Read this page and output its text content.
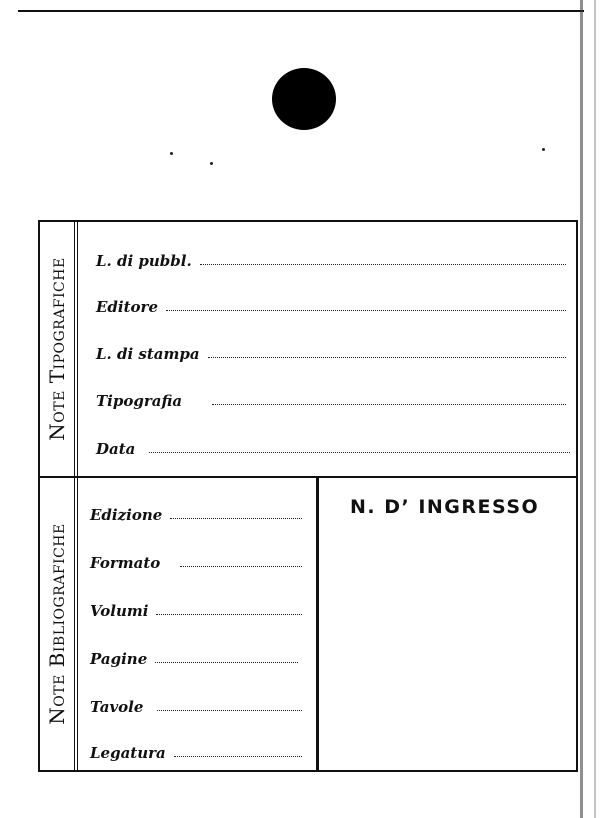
Note Tipografiche L. di pubbl.
Editore
L. di stampa
Tipografia
Data
Note Bibliografiche
Edizione
Formato
Volumi
Pagine
Tavole
Legatura
N. D’ INGRESSO
